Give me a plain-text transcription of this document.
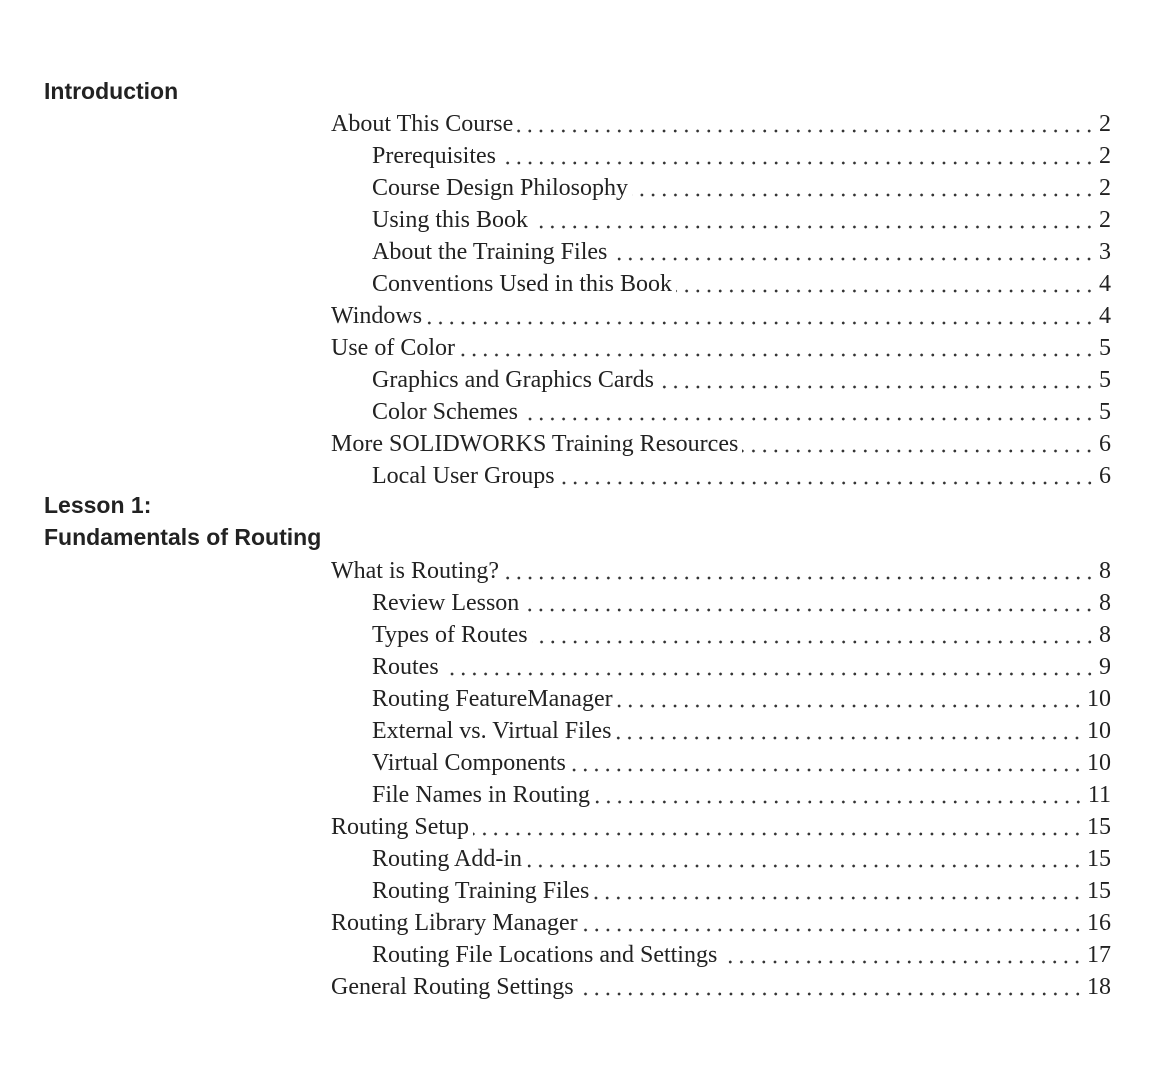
Introduction
About This Course	2
Prerequisites	2
Course Design Philosophy	2
Using this Book	2
About the Training Files	3
Conventions Used in this Book	4
Windows	4
Use of Color	5
Graphics and Graphics Cards	5
Color Schemes	5
More SOLIDWORKS Training Resources	6
Local User Groups	6
Lesson 1:
Fundamentals of Routing
What is Routing?	8
Review Lesson	8
Types of Routes	8
Routes	9
Routing FeatureManager	10
External vs. Virtual Files	10
Virtual Components	10
File Names in Routing	11
Routing Setup	15
Routing Add-in	15
Routing Training Files	15
Routing Library Manager	16
Routing File Locations and Settings	17
General Routing Settings	18
